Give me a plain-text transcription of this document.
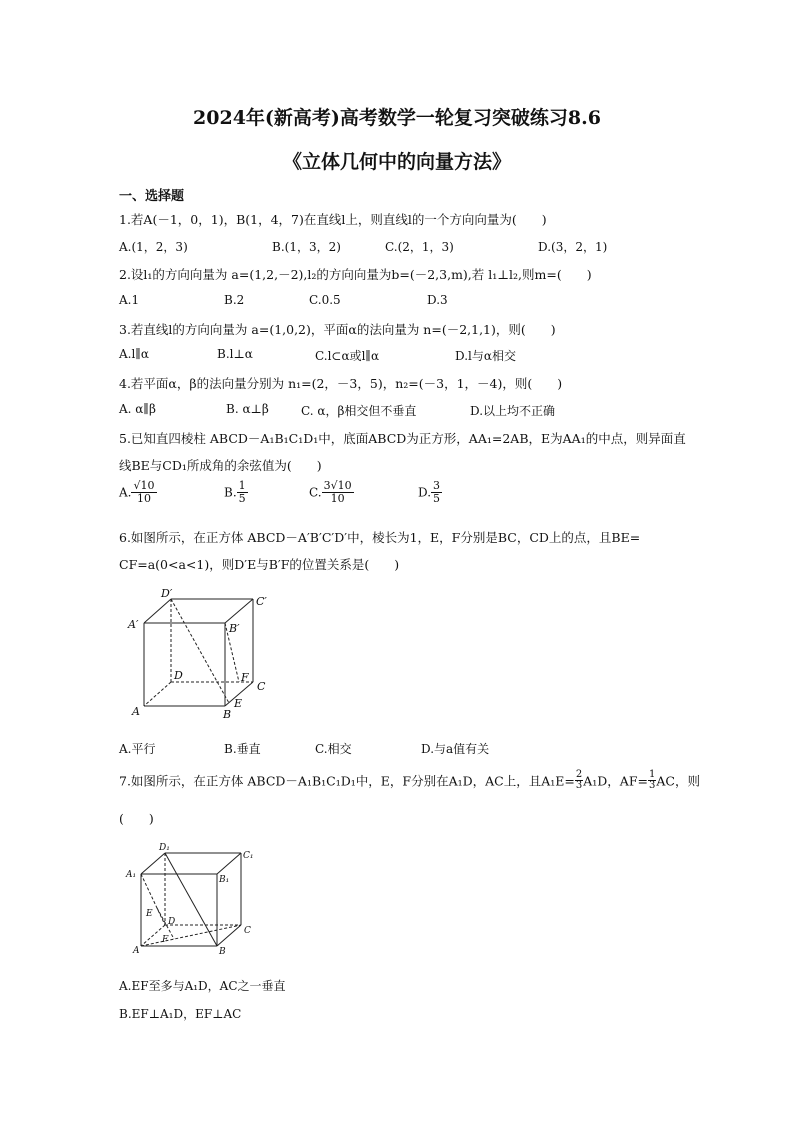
2024年(新高考)高考数学一轮复习突破练习8.6
《立体几何中的向量方法》
一、选择题
1.若A(－1，0，1)，B(1，4，7)在直线l上，则直线l的一个方向向量为(　　)
A.(1，2，3)	B.(1，3，2)	C.(2，1，3)	D.(3，2，1)
2.设l₁的方向向量为 a=(1,2,－2),l₂的方向向量为b=(－2,3,m),若 l₁⊥l₂,则m=(　　)
A.1	B.2	C.0.5	D.3
3.若直线l的方向向量为 a=(1,0,2)，平面α的法向量为 n=(－2,1,1)，则(　　)
A.l∥α	B.l⊥α	C.l⊂α或l∥α	D.l与α相交
4.若平面α，β的法向量分别为 n₁=(2，－3，5)，n₂=(－3，1，－4)，则(　　)
A. α∥β	B. α⊥β	C. α，β相交但不垂直	D.以上均不正确
5.已知直四棱柱 ABCD－A₁B₁C₁D₁中，底面ABCD为正方形，AA₁=2AB，E为AA₁的中点，则异面直
线BE与CD₁所成角的余弦值为(　　)
A. $\frac{√10}{10}$	B. $\frac{1}{5}$	C. $\frac{3√10}{10}$	D. $\frac{3}{5}$
6.如图所示，在正方体 ABCD－A′B′C′D′中，棱长为1，E，F分别是BC，CD上的点，且BE=
CF=a(0<a<1)，则D′E与B′F的位置关系是(　　)
D′
C′
A′	B′
D	F
C
A	B
E
A.平行	B.垂直	C.相交	D.与a值有关
7.如图所示，在正方体 ABCD－A₁B₁C₁D₁中，E，F分别在A₁D，AC上，且$A_1E= \frac{2}{3} A_1D$，$AF= \frac{1}{3}$ AC，则
(　　)
D₁
C₁
A₁	B₁
E
D
F
C
A	B
A.EF至多与A₁D，AC之一垂直
B.EF⊥A₁D，EF⊥AC
